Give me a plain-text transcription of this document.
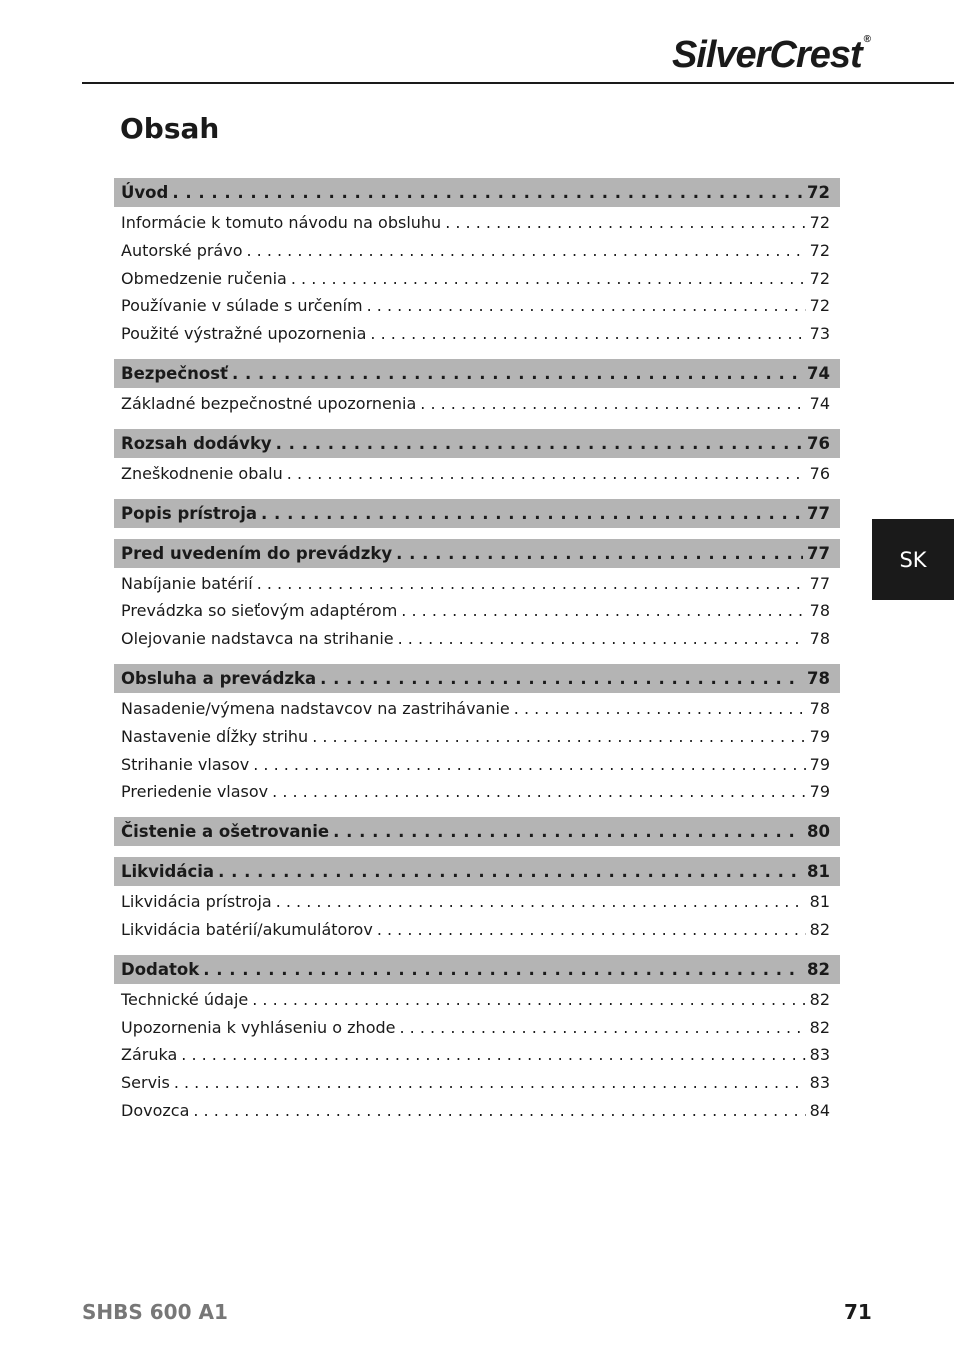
SilverCrest ®
Obsah
Úvod . . .	72
Informácie k tomuto návodu na obsluhu . . .	72
Autorské právo . . .	72
Obmedzenie ručenia . . .	72
Používanie v súlade s určením . . .	72
Použité výstražné upozornenia . . .	73
Bezpečnosť . . .	74
Základné bezpečnostné upozornenia . . .	74
Rozsah dodávky . . .	76
Zneškodnenie obalu . . .	76
Popis prístroja . . .	77
Pred uvedením do prevádzky . . .	77
Nabíjanie batérií . . .	77
Prevádzka so sieťovým adaptérom . . .	78
Olejovanie nadstavca na strihanie . . .	78
Obsluha a prevádzka . . .	78
Nasadenie/výmena nadstavcov na zastrihávanie . . .	78
Nastavenie dĺžky strihu . . .	79
Strihanie vlasov . . .	79
Preriedenie vlasov . . .	79
Čistenie a ošetrovanie . . .	80
Likvidácia . . .	81
Likvidácia prístroja . . .	81
Likvidácia batérií/akumulátorov . . .	82
Dodatok . . .	82
Technické údaje . . .	82
Upozornenia k vyhláseniu o zhode . . .	82
Záruka . . .	83
Servis . . .	83
Dovozca . . .	84
SK
SHBS 600 A1	71
